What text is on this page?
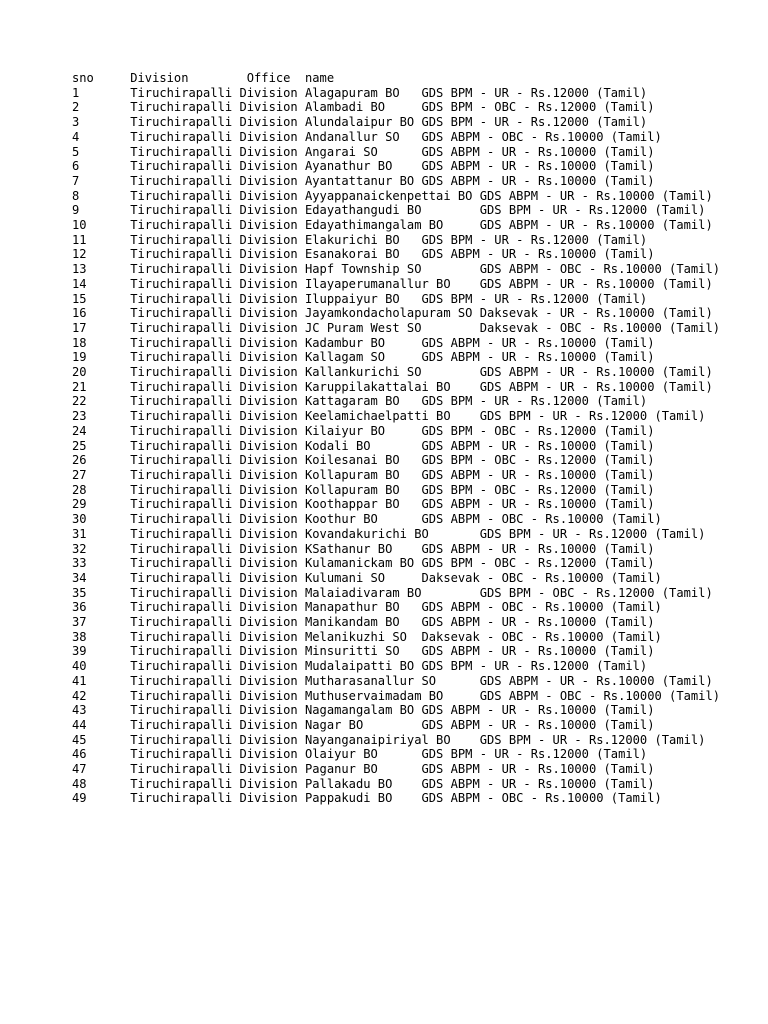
sno	Division	Office	name
1	Tiruchirapalli Division	Alagapuram BO	GDS BPM - UR - Rs.12000 (Tamil)
2	Tiruchirapalli Division	Alambadi BO	GDS BPM - OBC - Rs.12000 (Tamil)
3	Tiruchirapalli Division	Alundalaipur BO	GDS BPM - UR - Rs.12000 (Tamil)
4	Tiruchirapalli Division	Andanallur SO	GDS ABPM - OBC - Rs.10000 (Tamil)
5	Tiruchirapalli Division	Angarai SO	GDS ABPM - UR - Rs.10000 (Tamil)
6	Tiruchirapalli Division	Ayanathur BO	GDS ABPM - UR - Rs.10000 (Tamil)
7	Tiruchirapalli Division	Ayantattanur BO	GDS ABPM - UR - Rs.10000 (Tamil)
8	Tiruchirapalli Division	Ayyappanaickenpettai BO	GDS ABPM - UR - Rs.10000 (Tamil)
9	Tiruchirapalli Division	Edayathangudi BO	GDS BPM - UR - Rs.12000 (Tamil)
10	Tiruchirapalli Division	Edayathimangalam BO	GDS ABPM - UR - Rs.10000 (Tamil)
11	Tiruchirapalli Division	Elakurichi BO	GDS BPM - UR - Rs.12000 (Tamil)
12	Tiruchirapalli Division	Esanakorai BO	GDS ABPM - UR - Rs.10000 (Tamil)
13	Tiruchirapalli Division	Hapf Township SO	GDS ABPM - OBC - Rs.10000 (Tamil)
14	Tiruchirapalli Division	Ilayaperumanallur BO	GDS ABPM - UR - Rs.10000 (Tamil)
15	Tiruchirapalli Division	Iluppaiyur BO	GDS BPM - UR - Rs.12000 (Tamil)
16	Tiruchirapalli Division	Jayamkondacholapuram SO	Daksevak - UR - Rs.10000 (Tamil)
17	Tiruchirapalli Division	JC Puram West SO	Daksevak - OBC - Rs.10000 (Tamil)
18	Tiruchirapalli Division	Kadambur BO	GDS ABPM - UR - Rs.10000 (Tamil)
19	Tiruchirapalli Division	Kallagam SO	GDS ABPM - UR - Rs.10000 (Tamil)
20	Tiruchirapalli Division	Kallankurichi SO	GDS ABPM - UR - Rs.10000 (Tamil)
21	Tiruchirapalli Division	Karuppilakattalai BO	GDS ABPM - UR - Rs.10000 (Tamil)
22	Tiruchirapalli Division	Kattagaram BO	GDS BPM - UR - Rs.12000 (Tamil)
23	Tiruchirapalli Division	Keelamichaelpatti BO	GDS BPM - UR - Rs.12000 (Tamil)
24	Tiruchirapalli Division	Kilaiyur BO	GDS BPM - OBC - Rs.12000 (Tamil)
25	Tiruchirapalli Division	Kodali BO	GDS ABPM - UR - Rs.10000 (Tamil)
26	Tiruchirapalli Division	Koilesanai BO	GDS BPM - OBC - Rs.12000 (Tamil)
27	Tiruchirapalli Division	Kollapuram BO	GDS ABPM - UR - Rs.10000 (Tamil)
28	Tiruchirapalli Division	Kollapuram BO	GDS BPM - OBC - Rs.12000 (Tamil)
29	Tiruchirapalli Division	Koothappar BO	GDS ABPM - UR - Rs.10000 (Tamil)
30	Tiruchirapalli Division	Koothur BO	GDS ABPM - OBC - Rs.10000 (Tamil)
31	Tiruchirapalli Division	Kovandakurichi BO	GDS BPM - UR - Rs.12000 (Tamil)
32	Tiruchirapalli Division	KSathanur BO	GDS ABPM - UR - Rs.10000 (Tamil)
33	Tiruchirapalli Division	Kulamanickam BO	GDS BPM - OBC - Rs.12000 (Tamil)
34	Tiruchirapalli Division	Kulumani SO	Daksevak - OBC - Rs.10000 (Tamil)
35	Tiruchirapalli Division	Malaiadivaram BO	GDS BPM - OBC - Rs.12000 (Tamil)
36	Tiruchirapalli Division	Manapathur BO	GDS ABPM - OBC - Rs.10000 (Tamil)
37	Tiruchirapalli Division	Manikandam BO	GDS ABPM - UR - Rs.10000 (Tamil)
38	Tiruchirapalli Division	Melanikuzhi SO	Daksevak - OBC - Rs.10000 (Tamil)
39	Tiruchirapalli Division	Minsuritti SO	GDS ABPM - UR - Rs.10000 (Tamil)
40	Tiruchirapalli Division	Mudalaipatti BO	GDS BPM - UR - Rs.12000 (Tamil)
41	Tiruchirapalli Division	Mutharasanallur SO	GDS ABPM - UR - Rs.10000 (Tamil)
42	Tiruchirapalli Division	Muthuservaimadam BO	GDS ABPM - OBC - Rs.10000 (Tamil)
43	Tiruchirapalli Division	Nagamangalam BO	GDS ABPM - UR - Rs.10000 (Tamil)
44	Tiruchirapalli Division	Nagar BO	GDS ABPM - UR - Rs.10000 (Tamil)
45	Tiruchirapalli Division	Nayanganaipiriyal BO	GDS BPM - UR - Rs.12000 (Tamil)
46	Tiruchirapalli Division	Olaiyur BO	GDS BPM - UR - Rs.12000 (Tamil)
47	Tiruchirapalli Division	Paganur BO	GDS ABPM - UR - Rs.10000 (Tamil)
48	Tiruchirapalli Division	Pallakadu BO	GDS ABPM - UR - Rs.10000 (Tamil)
49	Tiruchirapalli Division	Pappakudi BO	GDS ABPM - OBC - Rs.10000 (Tamil)
